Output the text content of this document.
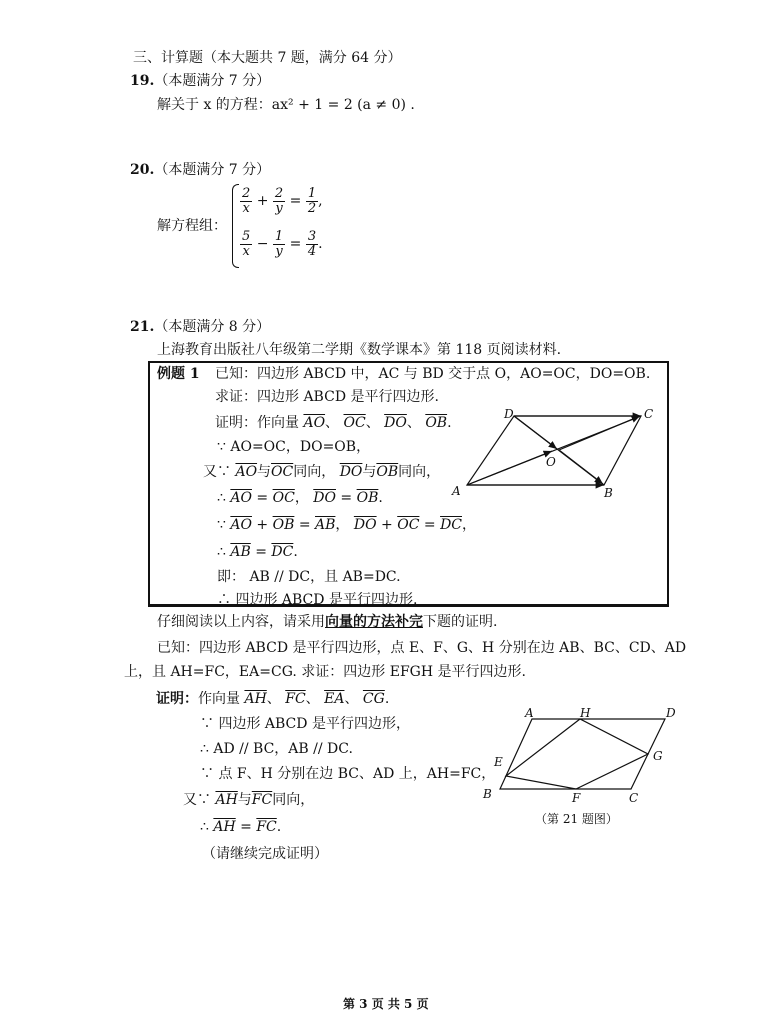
三、计算题（本大题共 7 题，满分 64 分）
19.（本题满分 7 分）
解关于 x 的方程：ax² + 1 = 2 (a ≠ 0) .
20.（本题满分 7 分）
解方程组：
$\frac{2}{x} + \frac{2}{y} = \frac{1}{2}$ ,
$\frac{5}{x} - \frac{1}{y} = \frac{3}{4}$ .
21.（本题满分 8 分）
上海教育出版社八年级第二学期《数学课本》第 118 页阅读材料.
例题 1 已知：四边形 ABCD 中，AC 与 BD 交于点 O，AO=OC，DO=OB.
求证：四边形 ABCD 是平行四边形.
证明：作向量 $\overline{AO}$、 $\overline{OC}$、 $\overline{DO}$、 $\overline{OB}$.
∵ AO=OC，DO=OB，
又∵ $\overline{AO}$与$\overline{OC}$同向， $\overline{DO}$与$\overline{OB}$同向，
∴ $\overline{AO} = \overline{OC}$， $\overline{DO} = \overline{OB}$.
∵ $\overline{AO} + \overline{OB} = \overline{AB}$， $\overline{DO} + \overline{OC} = \overline{DC}$，
∴ $\overline{AB} = \overline{DC}$.
即： AB // DC，且 AB=DC.
∴ 四边形 ABCD 是平行四边形.
A	B
C
D
O
仔细阅读以上内容，请采用向量的方法补完下题的证明.
已知：四边形 ABCD 是平行四边形，点 E、F、G、H 分别在边 AB、BC、CD、AD
上，且 AH=FC，EA=CG. 求证：四边形 EFGH 是平行四边形.
证明：作向量 $\overline{AH}$、 $\overline{FC}$、 $\overline{EA}$、 $\overline{CG}$.
∵ 四边形 ABCD 是平行四边形，
∴ AD // BC，AB // DC.
∵ 点 F、H 分别在边 BC、AD 上，AH=FC，
又∵ $\overline{AH}$与$\overline{FC}$同向，
∴ $\overline{AH} = \overline{FC}$.
（请继续完成证明）
A	H	D
E	G
B	F	C
（第 21 题图）
第 3 页 共 5 页
